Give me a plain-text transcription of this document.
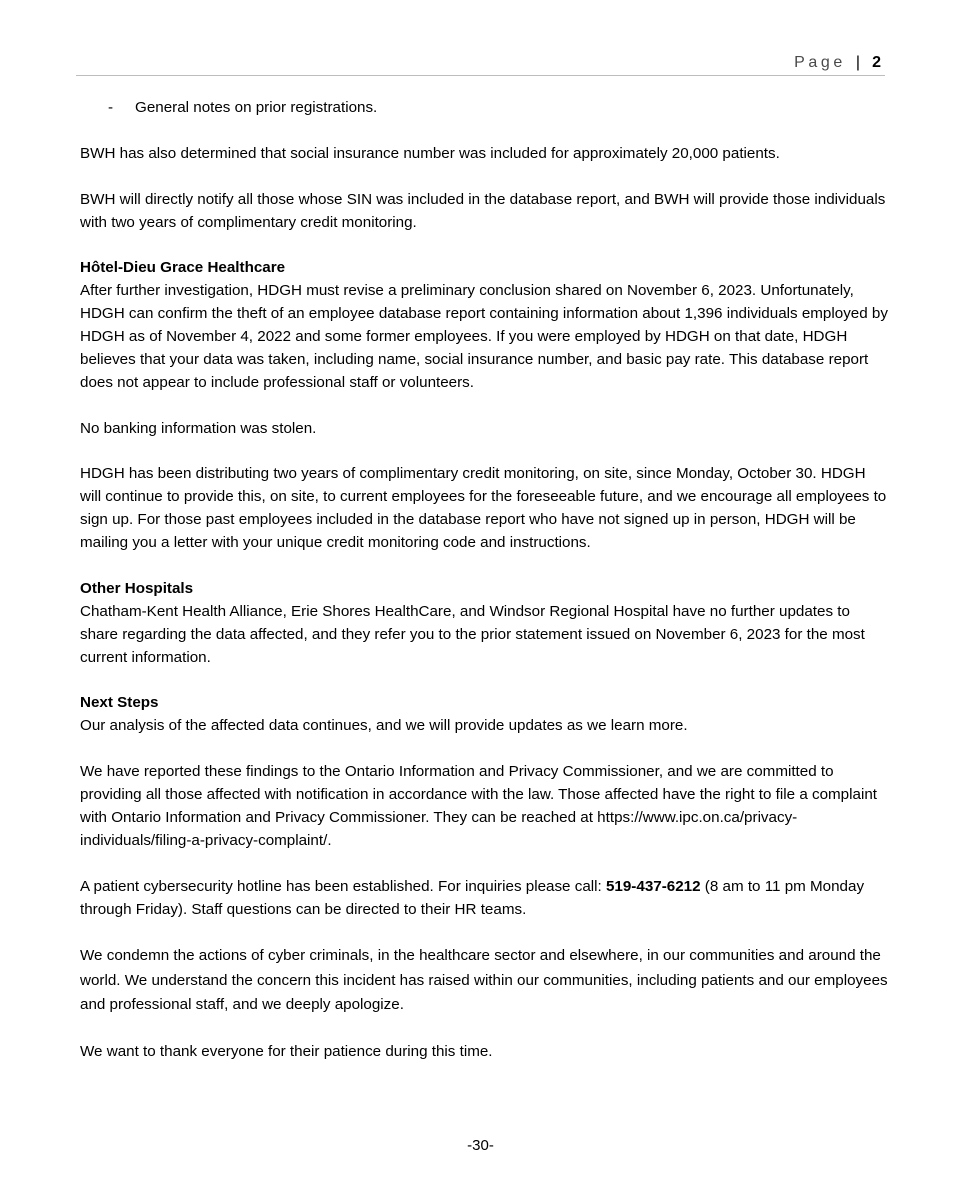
Page | 2
-	General notes on prior registrations.

BWH has also determined that social insurance number was included for approximately 20,000 patients.

BWH will directly notify all those whose SIN was included in the database report, and BWH will provide those individuals with two years of complimentary credit monitoring.

Hôtel-Dieu Grace Healthcare
After further investigation, HDGH must revise a preliminary conclusion shared on November 6, 2023. Unfortunately, HDGH can confirm the theft of an employee database report containing information about 1,396 individuals employed by HDGH as of November 4, 2022 and some former employees. If you were employed by HDGH on that date, HDGH believes that your data was taken, including name, social insurance number, and basic pay rate. This database report does not appear to include professional staff or volunteers.

No banking information was stolen.

HDGH has been distributing two years of complimentary credit monitoring, on site, since Monday, October 30. HDGH will continue to provide this, on site, to current employees for the foreseeable future, and we encourage all employees to sign up. For those past employees included in the database report who have not signed up in person, HDGH will be mailing you a letter with your unique credit monitoring code and instructions.

Other Hospitals
Chatham-Kent Health Alliance, Erie Shores HealthCare, and Windsor Regional Hospital have no further updates to share regarding the data affected, and they refer you to the prior statement issued on November 6, 2023 for the most current information.

Next Steps
Our analysis of the affected data continues, and we will provide updates as we learn more.

We have reported these findings to the Ontario Information and Privacy Commissioner, and we are committed to providing all those affected with notification in accordance with the law. Those affected have the right to file a complaint with Ontario Information and Privacy Commissioner. They can be reached at https://www.ipc.on.ca/privacy-individuals/filing-a-privacy-complaint/.

A patient cybersecurity hotline has been established. For inquiries please call: 519-437-6212 (8 am to 11 pm Monday through Friday). Staff questions can be directed to their HR teams.

We condemn the actions of cyber criminals, in the healthcare sector and elsewhere, in our communities and around the world. We understand the concern this incident has raised within our communities, including patients and our employees and professional staff, and we deeply apologize.

We want to thank everyone for their patience during this time.

-30-
